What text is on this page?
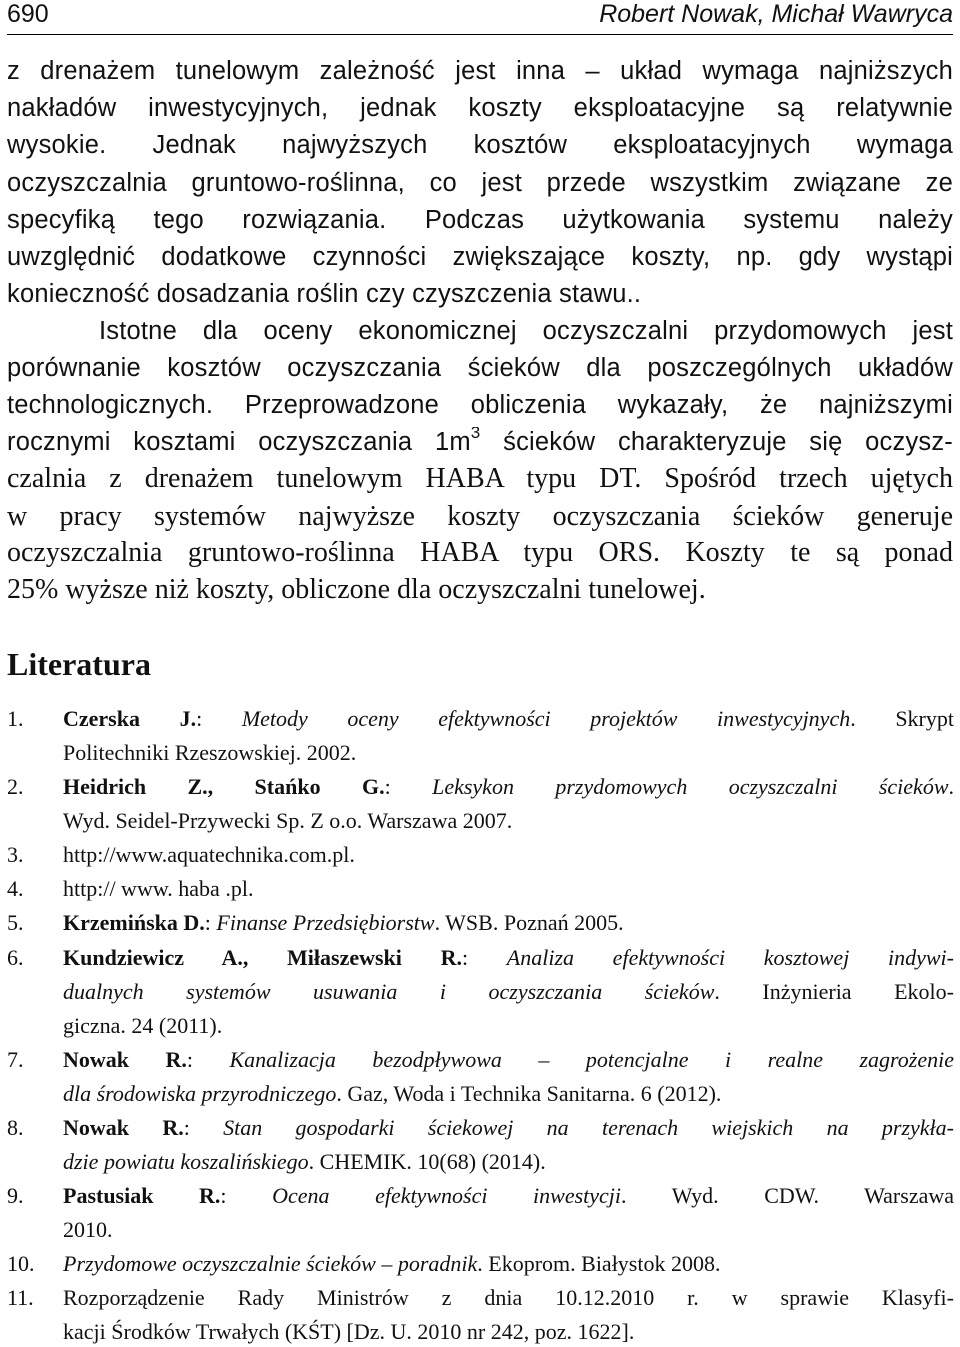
690	Robert Nowak, Michał Wawryca
z drenażem tunelowym zależność jest inna – układ wymaga najniższych
nakładów inwestycyjnych, jednak koszty eksploatacyjne są relatywnie
wysokie. Jednak najwyższych kosztów eksploatacyjnych wymaga
oczyszczalnia gruntowo-roślinna, co jest przede wszystkim związane ze
specyfiką tego rozwiązania. Podczas użytkowania systemu należy
uwzględnić dodatkowe czynności zwiększające koszty, np. gdy wystąpi
konieczność dosadzania roślin czy czyszczenia stawu..
Istotne dla oceny ekonomicznej oczyszczalni przydomowych jest
porównanie kosztów oczyszczania ścieków dla poszczególnych układów
technologicznych. Przeprowadzone obliczenia wykazały, że najniższymi
rocznymi kosztami oczyszczania $1m^3$ ścieków charakteryzuje się oczysz-
czalnia z drenażem tunelowym HABA typu DT. Spośród trzech ujętych
w pracy systemów najwyższe koszty oczyszczania ścieków generuje
oczyszczalnia gruntowo-roślinna HABA typu ORS. Koszty te są ponad
25% wyższe niż koszty, obliczone dla oczyszczalni tunelowej.
Literatura
1.	Czerska J.: Metody oceny efektywności projektów inwestycyjnych. Skrypt
Politechniki Rzeszowskiej. 2002.
2.	Heidrich Z., Stańko G.: Leksykon przydomowych oczyszczalni ścieków.
Wyd. Seidel-Przywecki Sp. Z o.o. Warszawa 2007.
3.	http://www.aquatechnika.com.pl.
4.	http:// www. haba .pl.
5.	Krzemińska D.: Finanse Przedsiębiorstw. WSB. Poznań 2005.
6.	Kundziewicz A., Miłaszewski R.: Analiza efektywności kosztowej indywi-
dualnych systemów usuwania i oczyszczania ścieków. Inżynieria Ekolo-
giczna. 24 (2011).
7.	Nowak R.: Kanalizacja bezodpływowa – potencjalne i realne zagrożenie
dla środowiska przyrodniczego. Gaz, Woda i Technika Sanitarna. 6 (2012).
8.	Nowak R.: Stan gospodarki ściekowej na terenach wiejskich na przykła-
dzie powiatu koszalińskiego. CHEMIK. 10(68) (2014).
9.	Pastusiak R.: Ocena efektywności inwestycji. Wyd. CDW. Warszawa
2010.
10.	Przydomowe oczyszczalnie ścieków – poradnik. Ekoprom. Białystok 2008.
11.	Rozporządzenie Rady Ministrów z dnia 10.12.2010 r. w sprawie Klasyfi-
kacji Środków Trwałych (KŚT) [Dz. U. 2010 nr 242, poz. 1622].
